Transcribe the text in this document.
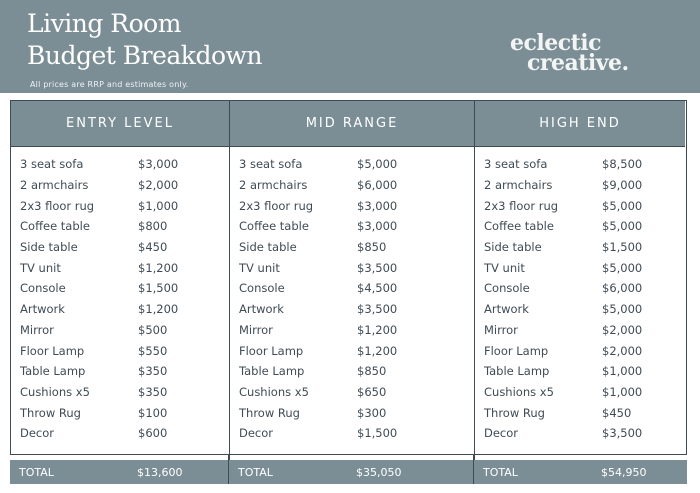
Living Room
Budget Breakdown
All prices are RRP and estimates only.
eclectic
creative.
ENTRY LEVEL
3 seat sofa	$3,000
2 armchairs	$2,000
2x3 floor rug	$1,000
Coffee table	$800
Side table	$450
TV unit	$1,200
Console	$1,500
Artwork	$1,200
Mirror	$500
Floor Lamp	$550
Table Lamp	$350
Cushions x5	$350
Throw Rug	$100
Decor	$600
MID RANGE
3 seat sofa	$5,000
2 armchairs	$6,000
2x3 floor rug	$3,000
Coffee table	$3,000
Side table	$850
TV unit	$3,500
Console	$4,500
Artwork	$3,500
Mirror	$1,200
Floor Lamp	$1,200
Table Lamp	$850
Cushions x5	$650
Throw Rug	$300
Decor	$1,500
HIGH END
3 seat sofa	$8,500
2 armchairs	$9,000
2x3 floor rug	$5,000
Coffee table	$5,000
Side table	$1,500
TV unit	$5,000
Console	$6,000
Artwork	$5,000
Mirror	$2,000
Floor Lamp	$2,000
Table Lamp	$1,000
Cushions x5	$1,000
Throw Rug	$450
Decor	$3,500
TOTAL	$13,600	TOTAL	$35,050	TOTAL	$54,950
